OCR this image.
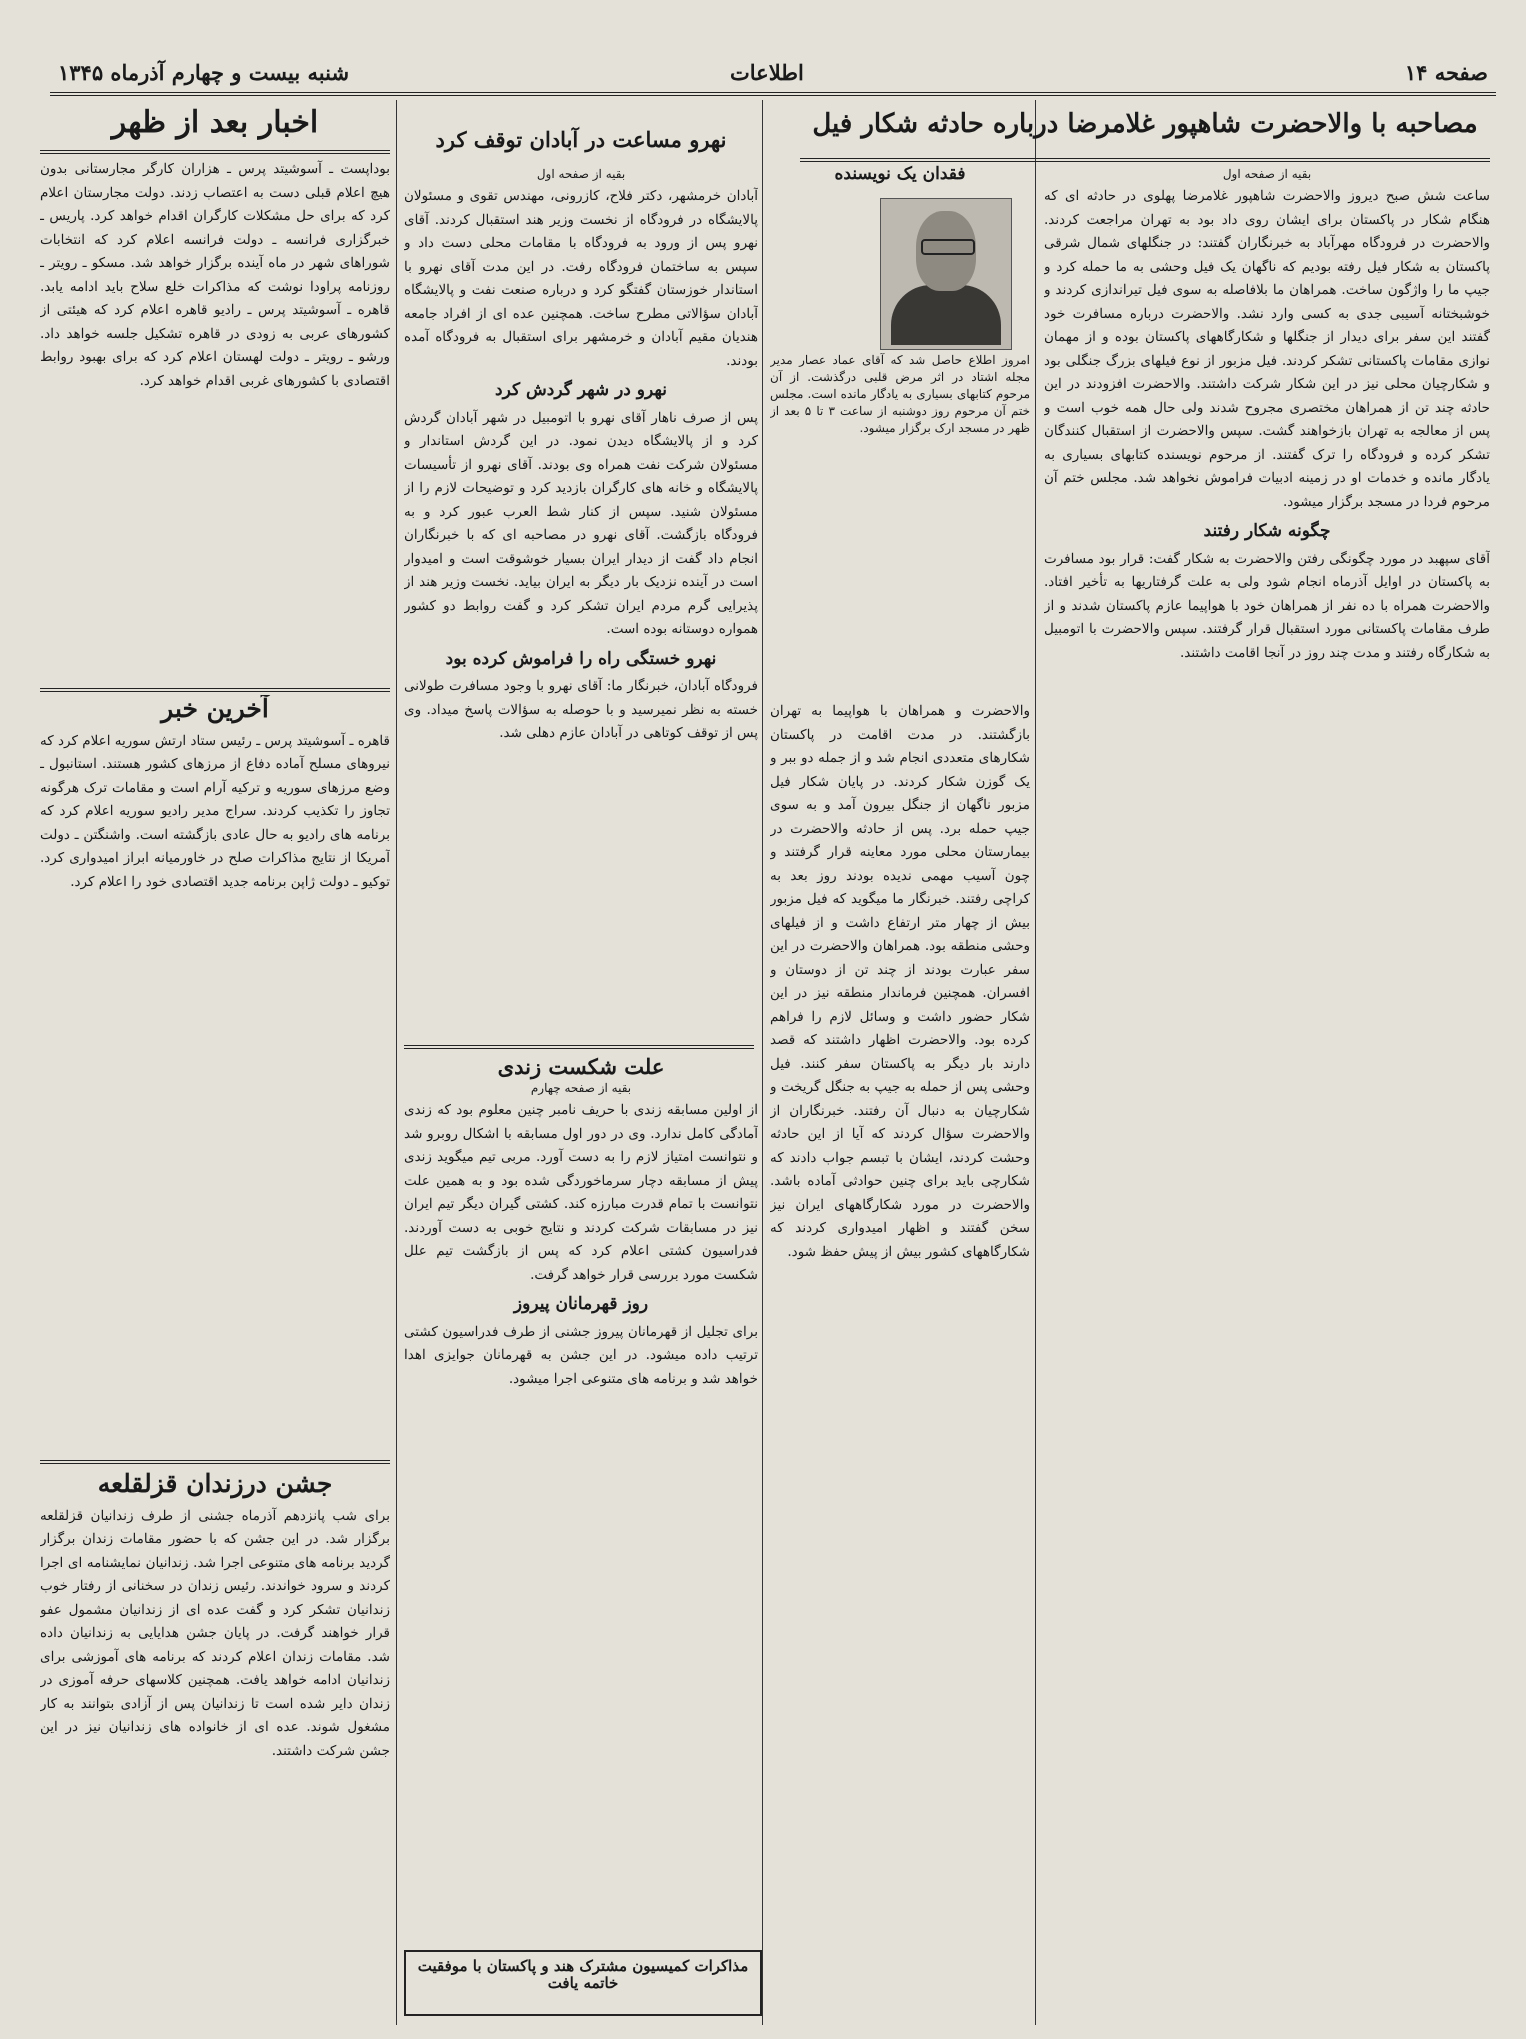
صفحه ۱۴
اطلاعات
شنبه بیست و چهارم آذرماه ۱۳۴۵
مصاحبه با والاحضرت شاهپور غلامرضا درباره حادثه شکار فیل
بقیه از صفحه اول

ساعت شش صبح دیروز والاحضرت شاهپور غلامرضا پهلوی در حادثه ای که هنگام شکار در پاکستان برای ایشان روی داد بود به تهران مراجعت کردند. والاحضرت در فرودگاه مهرآباد به خبرنگاران گفتند: در جنگلهای شمال شرقی پاکستان به شکار فیل رفته بودیم که ناگهان یک فیل وحشی به ما حمله کرد و جیپ ما را واژگون ساخت. همراهان ما بلافاصله به سوی فیل تیراندازی کردند و خوشبختانه آسیبی جدی به کسی وارد نشد. والاحضرت درباره مسافرت خود گفتند این سفر برای دیدار از جنگلها و شکارگاههای پاکستان بوده و از مهمان نوازی مقامات پاکستانی تشکر کردند. فیل مزبور از نوع فیلهای بزرگ جنگلی بود و شکارچیان محلی نیز در این شکار شرکت داشتند. والاحضرت افزودند در این حادثه چند تن از همراهان مختصری مجروح شدند ولی حال همه خوب است و پس از معالجه به تهران بازخواهند گشت. سپس والاحضرت از استقبال کنندگان تشکر کرده و فرودگاه را ترک گفتند. از مرحوم نویسنده کتابهای بسیاری به یادگار مانده و خدمات او در زمینه ادبیات فراموش نخواهد شد. مجلس ختم آن مرحوم فردا در مسجد برگزار میشود.

چگونه شکار رفتند

آقای سپهبد در مورد چگونگی رفتن والاحضرت به شکار گفت: قرار بود مسافرت به پاکستان در اوایل آذرماه انجام شود ولی به علت گرفتاریها به تأخیر افتاد. والاحضرت همراه با ده نفر از همراهان خود با هواپیما عازم پاکستان شدند و از طرف مقامات پاکستانی مورد استقبال قرار گرفتند. سپس والاحضرت با اتومبیل به شکارگاه رفتند و مدت چند روز در آنجا اقامت داشتند.

فقدان یک نویسنده
امروز اطلاع حاصل شد که آقای عماد عصار مدیر مجله اشتاد در اثر مرض قلبی درگذشت. از آن مرحوم کتابهای بسیاری به یادگار مانده است. مجلس ختم آن مرحوم روز دوشنبه از ساعت ۳ تا ۵ بعد از ظهر در مسجد ارک برگزار میشود.

والاحضرت و همراهان با هواپیما به تهران بازگشتند. در مدت اقامت در پاکستان شکارهای متعددی انجام شد و از جمله دو ببر و یک گوزن شکار کردند. در پایان شکار فیل مزبور ناگهان از جنگل بیرون آمد و به سوی جیپ حمله برد. پس از حادثه والاحضرت در بیمارستان محلی مورد معاینه قرار گرفتند و چون آسیب مهمی ندیده بودند روز بعد به کراچی رفتند. خبرنگار ما میگوید که فیل مزبور بیش از چهار متر ارتفاع داشت و از فیلهای وحشی منطقه بود. همراهان والاحضرت در این سفر عبارت بودند از چند تن از دوستان و افسران. همچنین فرماندار منطقه نیز در این شکار حضور داشت و وسائل لازم را فراهم کرده بود. والاحضرت اظهار داشتند که قصد دارند بار دیگر به پاکستان سفر کنند. فیل وحشی پس از حمله به جیپ به جنگل گریخت و شکارچیان به دنبال آن رفتند. خبرنگاران از والاحضرت سؤال کردند که آیا از این حادثه وحشت کردند، ایشان با تبسم جواب دادند که شکارچی باید برای چنین حوادثی آماده باشد. والاحضرت در مورد شکارگاههای ایران نیز سخن گفتند و اظهار امیدواری کردند که شکارگاههای کشور بیش از پیش حفظ شود.

نهرو مساعت در آبادان توقف کرد
بقیه از صفحه اول

آبادان خرمشهر، دکتر فلاح، کازرونی، مهندس تقوی و مسئولان پالایشگاه در فرودگاه از نخست وزیر هند استقبال کردند. آقای نهرو پس از ورود به فرودگاه با مقامات محلی دست داد و سپس به ساختمان فرودگاه رفت. در این مدت آقای نهرو با استاندار خوزستان گفتگو کرد و درباره صنعت نفت و پالایشگاه آبادان سؤالاتی مطرح ساخت. همچنین عده ای از افراد جامعه هندیان مقیم آبادان و خرمشهر برای استقبال به فرودگاه آمده بودند.

نهرو در شهر گردش کرد

پس از صرف ناهار آقای نهرو با اتومبیل در شهر آبادان گردش کرد و از پالایشگاه دیدن نمود. در این گردش استاندار و مسئولان شرکت نفت همراه وی بودند. آقای نهرو از تأسیسات پالایشگاه و خانه های کارگران بازدید کرد و توضیحات لازم را از مسئولان شنید. سپس از کنار شط العرب عبور کرد و به فرودگاه بازگشت. آقای نهرو در مصاحبه ای که با خبرنگاران انجام داد گفت از دیدار ایران بسیار خوشوقت است و امیدوار است در آینده نزدیک بار دیگر به ایران بیاید. نخست وزیر هند از پذیرایی گرم مردم ایران تشکر کرد و گفت روابط دو کشور همواره دوستانه بوده است.

نهرو خستگی راه را فراموش کرده بود

فرودگاه آبادان، خبرنگار ما: آقای نهرو با وجود مسافرت طولانی خسته به نظر نمیرسید و با حوصله به سؤالات پاسخ میداد. وی پس از توقف کوتاهی در آبادان عازم دهلی شد.

علت شکست زندی
بقیه از صفحه چهارم

از اولین مسابقه زندی با حریف نامبر چنین معلوم بود که زندی آمادگی کامل ندارد. وی در دور اول مسابقه با اشکال روبرو شد و نتوانست امتیاز لازم را به دست آورد. مربی تیم میگوید زندی پیش از مسابقه دچار سرماخوردگی شده بود و به همین علت نتوانست با تمام قدرت مبارزه کند. کشتی گیران دیگر تیم ایران نیز در مسابقات شرکت کردند و نتایج خوبی به دست آوردند. فدراسیون کشتی اعلام کرد که پس از بازگشت تیم علل شکست مورد بررسی قرار خواهد گرفت.

روز قهرمانان پیروز

برای تجلیل از قهرمانان پیروز جشنی از طرف فدراسیون کشتی ترتیب داده میشود. در این جشن به قهرمانان جوایزی اهدا خواهد شد و برنامه های متنوعی اجرا میشود.

مذاکرات کمیسیون مشترک هند و پاکستان با موفقیت خاتمه یافت
اخبار بعد از ظهر

بوداپست ـ آسوشیتد پرس ـ هزاران کارگر مجارستانی بدون هیچ اعلام قبلی دست به اعتصاب زدند. دولت مجارستان اعلام کرد که برای حل مشکلات کارگران اقدام خواهد کرد. پاریس ـ خبرگزاری فرانسه ـ دولت فرانسه اعلام کرد که انتخابات شوراهای شهر در ماه آینده برگزار خواهد شد. مسکو ـ رویتر ـ روزنامه پراودا نوشت که مذاکرات خلع سلاح باید ادامه یابد. قاهره ـ آسوشیتد پرس ـ رادیو قاهره اعلام کرد که هیئتی از کشورهای عربی به زودی در قاهره تشکیل جلسه خواهد داد. ورشو ـ رویتر ـ دولت لهستان اعلام کرد که برای بهبود روابط اقتصادی با کشورهای غربی اقدام خواهد کرد.

آخرین خبر

قاهره ـ آسوشیتد پرس ـ رئیس ستاد ارتش سوریه اعلام کرد که نیروهای مسلح آماده دفاع از مرزهای کشور هستند. استانبول ـ وضع مرزهای سوریه و ترکیه آرام است و مقامات ترک هرگونه تجاوز را تکذیب کردند. سراج مدیر رادیو سوریه اعلام کرد که برنامه های رادیو به حال عادی بازگشته است. واشنگتن ـ دولت آمریکا از نتایج مذاکرات صلح در خاورمیانه ابراز امیدواری کرد. توکیو ـ دولت ژاپن برنامه جدید اقتصادی خود را اعلام کرد.

جشن درزندان قزلقلعه

برای شب پانزدهم آذرماه جشنی از طرف زندانیان قزلقلعه برگزار شد. در این جشن که با حضور مقامات زندان برگزار گردید برنامه های متنوعی اجرا شد. زندانیان نمایشنامه ای اجرا کردند و سرود خواندند. رئیس زندان در سخنانی از رفتار خوب زندانیان تشکر کرد و گفت عده ای از زندانیان مشمول عفو قرار خواهند گرفت. در پایان جشن هدایایی به زندانیان داده شد. مقامات زندان اعلام کردند که برنامه های آموزشی برای زندانیان ادامه خواهد یافت. همچنین کلاسهای حرفه آموزی در زندان دایر شده است تا زندانیان پس از آزادی بتوانند به کار مشغول شوند. عده ای از خانواده های زندانیان نیز در این جشن شرکت داشتند.
